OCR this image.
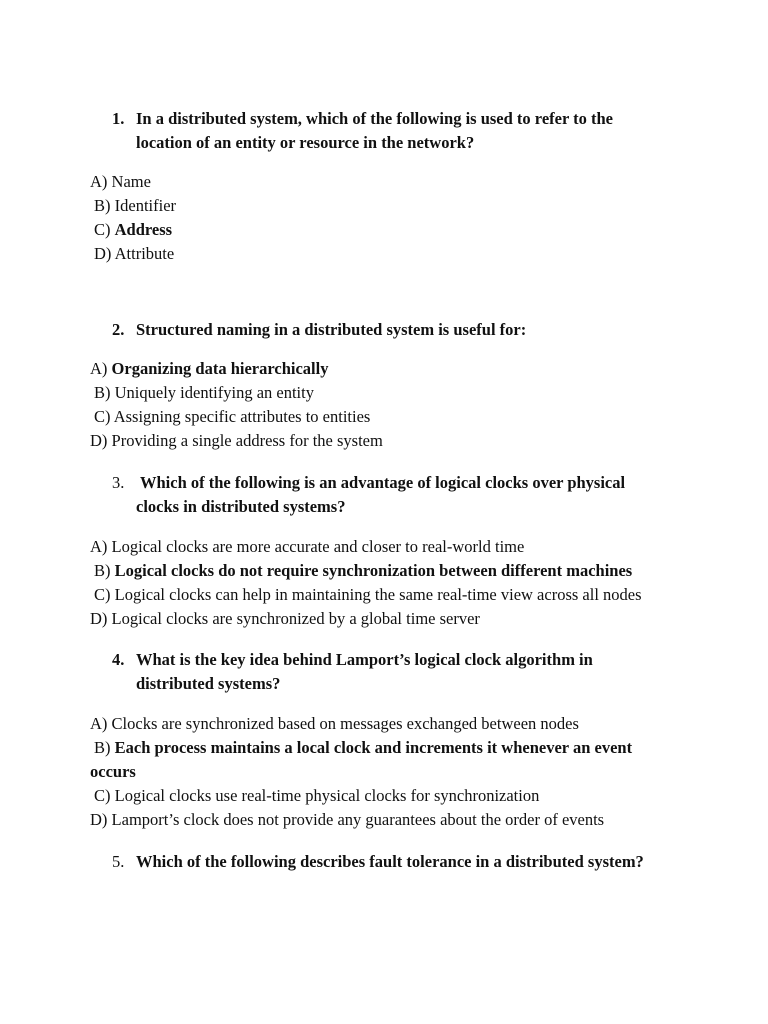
1. In a distributed system, which of the following is used to refer to the
location of an entity or resource in the network?
A) Name
B) Identifier
C) Address
D) Attribute
2. Structured naming in a distributed system is useful for:
A) Organizing data hierarchically
B) Uniquely identifying an entity
C) Assigning specific attributes to entities
D) Providing a single address for the system
3. Which of the following is an advantage of logical clocks over physical
clocks in distributed systems?
A) Logical clocks are more accurate and closer to real-world time
B) Logical clocks do not require synchronization between different machines
C) Logical clocks can help in maintaining the same real-time view across all nodes
D) Logical clocks are synchronized by a global time server
4. What is the key idea behind Lamport’s logical clock algorithm in
distributed systems?
A) Clocks are synchronized based on messages exchanged between nodes
B) Each process maintains a local clock and increments it whenever an event
occurs
C) Logical clocks use real-time physical clocks for synchronization
D) Lamport’s clock does not provide any guarantees about the order of events
5. Which of the following describes fault tolerance in a distributed system?
